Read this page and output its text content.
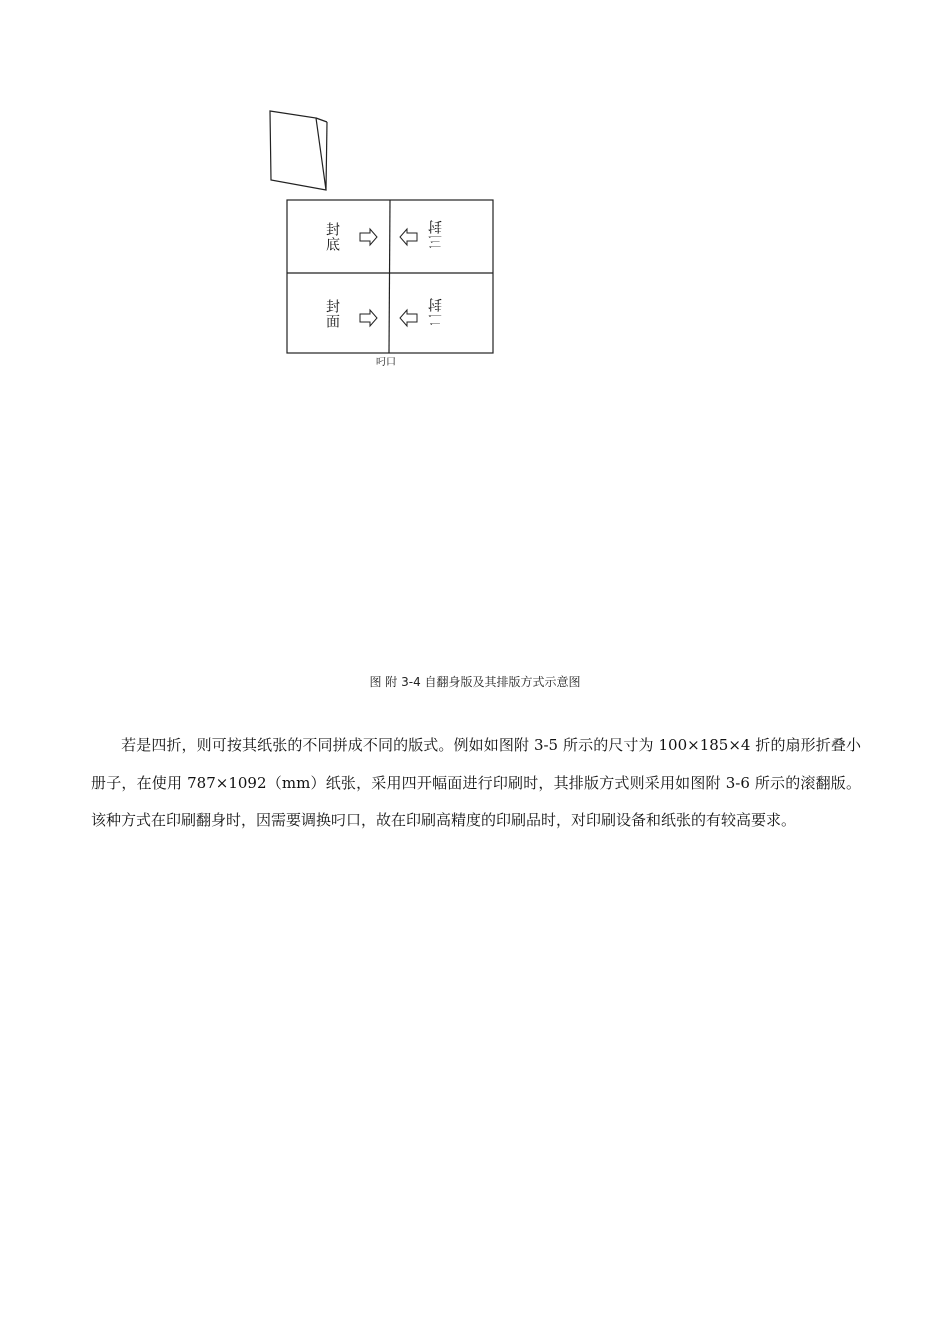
封底	三封
封面	二封
叼口
图 附 3-4 自翻身版及其排版方式示意图
若是四折，则可按其纸张的不同拼成不同的版式。例如如图附 3-5 所示的尺寸为 100×185×4 折的扇形折叠小册子，在使用 787×1092（mm）纸张，采用四开幅面进行印刷时，其排版方式则采用如图附 3-6 所示的滚翻版。该种方式在印刷翻身时，因需要调换叼口，故在印刷高精度的印刷品时，对印刷设备和纸张的有较高要求。
